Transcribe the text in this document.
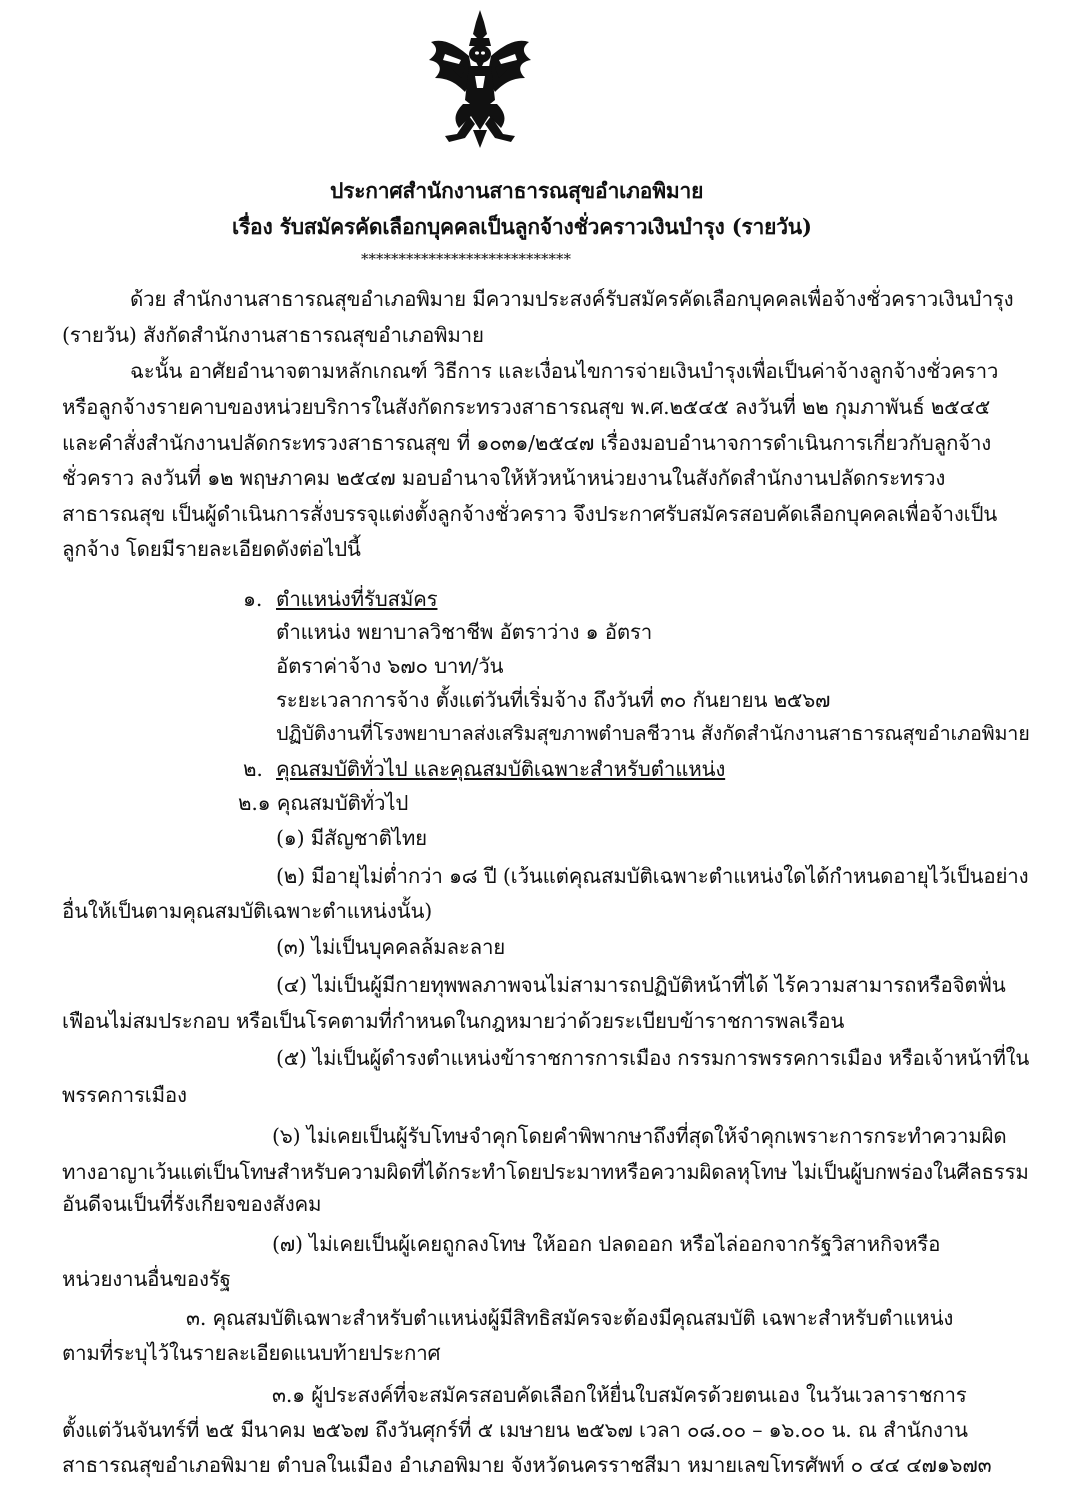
ประกาศสำนักงานสาธารณสุขอำเภอพิมาย
เรื่อง รับสมัครคัดเลือกบุคคลเป็นลูกจ้างชั่วคราวเงินบำรุง (รายวัน)
****************************
ด้วย สำนักงานสาธารณสุขอำเภอพิมาย มีความประสงค์รับสมัครคัดเลือกบุคคลเพื่อจ้างชั่วคราวเงินบำรุง
(รายวัน) สังกัดสำนักงานสาธารณสุขอำเภอพิมาย
ฉะนั้น อาศัยอำนาจตามหลักเกณฑ์ วิธีการ และเงื่อนไขการจ่ายเงินบำรุงเพื่อเป็นค่าจ้างลูกจ้างชั่วคราว
หรือลูกจ้างรายคาบของหน่วยบริการในสังกัดกระทรวงสาธารณสุข พ.ศ.๒๕๔๕ ลงวันที่ ๒๒ กุมภาพันธ์ ๒๕๔๕
และคำสั่งสำนักงานปลัดกระทรวงสาธารณสุข ที่ ๑๐๓๑/๒๕๔๗ เรื่องมอบอำนาจการดำเนินการเกี่ยวกับลูกจ้าง
ชั่วคราว ลงวันที่ ๑๒ พฤษภาคม ๒๕๔๗ มอบอำนาจให้หัวหน้าหน่วยงานในสังกัดสำนักงานปลัดกระทรวง
สาธารณสุข เป็นผู้ดำเนินการสั่งบรรจุแต่งตั้งลูกจ้างชั่วคราว จึงประกาศรับสมัครสอบคัดเลือกบุคคลเพื่อจ้างเป็น
ลูกจ้าง โดยมีรายละเอียดดังต่อไปนี้
๑. ตำแหน่งที่รับสมัคร
ตำแหน่ง พยาบาลวิชาชีพ อัตราว่าง ๑ อัตรา
อัตราค่าจ้าง ๖๗๐ บาท/วัน
ระยะเวลาการจ้าง ตั้งแต่วันที่เริ่มจ้าง ถึงวันที่ ๓๐ กันยายน ๒๕๖๗
ปฏิบัติงานที่โรงพยาบาลส่งเสริมสุขภาพตำบลชีวาน สังกัดสำนักงานสาธารณสุขอำเภอพิมาย
๒. คุณสมบัติทั่วไป และคุณสมบัติเฉพาะสำหรับตำแหน่ง
๒.๑ คุณสมบัติทั่วไป
(๑) มีสัญชาติไทย
(๒) มีอายุไม่ต่ำกว่า ๑๘ ปี (เว้นแต่คุณสมบัติเฉพาะตำแหน่งใดได้กำหนดอายุไว้เป็นอย่าง
อื่นให้เป็นตามคุณสมบัติเฉพาะตำแหน่งนั้น)
(๓) ไม่เป็นบุคคลล้มละลาย
(๔) ไม่เป็นผู้มีกายทุพพลภาพจนไม่สามารถปฏิบัติหน้าที่ได้ ไร้ความสามารถหรือจิตฟั่น
เฟือนไม่สมประกอบ หรือเป็นโรคตามที่กำหนดในกฎหมายว่าด้วยระเบียบข้าราชการพลเรือน
(๕) ไม่เป็นผู้ดำรงตำแหน่งข้าราชการการเมือง กรรมการพรรคการเมือง หรือเจ้าหน้าที่ใน
พรรคการเมือง
(๖) ไม่เคยเป็นผู้รับโทษจำคุกโดยคำพิพากษาถึงที่สุดให้จำคุกเพราะการกระทำความผิด
ทางอาญาเว้นแต่เป็นโทษสำหรับความผิดที่ได้กระทำโดยประมาทหรือความผิดลหุโทษ ไม่เป็นผู้บกพร่องในศีลธรรม
อันดีจนเป็นที่รังเกียจของสังคม
(๗) ไม่เคยเป็นผู้เคยถูกลงโทษ ให้ออก ปลดออก หรือไล่ออกจากรัฐวิสาหกิจหรือ
หน่วยงานอื่นของรัฐ
๓. คุณสมบัติเฉพาะสำหรับตำแหน่งผู้มีสิทธิสมัครจะต้องมีคุณสมบัติ เฉพาะสำหรับตำแหน่ง
ตามที่ระบุไว้ในรายละเอียดแนบท้ายประกาศ
๓.๑ ผู้ประสงค์ที่จะสมัครสอบคัดเลือกให้ยื่นใบสมัครด้วยตนเอง ในวันเวลาราชการ
ตั้งแต่วันจันทร์ที่ ๒๕ มีนาคม ๒๕๖๗ ถึงวันศุกร์ที่ ๕ เมษายน ๒๕๖๗ เวลา ๐๘.๐๐ – ๑๖.๐๐ น. ณ สำนักงาน
สาธารณสุขอำเภอพิมาย ตำบลในเมือง อำเภอพิมาย จังหวัดนครราชสีมา หมายเลขโทรศัพท์ ๐ ๔๔ ๔๗๑๖๗๓
